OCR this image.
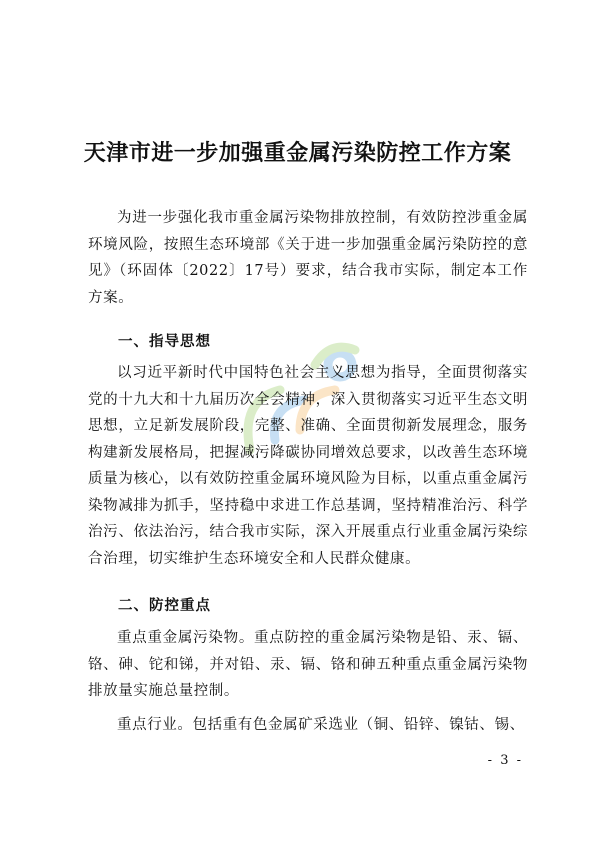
天津市进一步加强重金属污染防控工作方案
为进一步强化我市重金属污染物排放控制，有效防控涉重金属环境风险，按照生态环境部《关于进一步加强重金属污染防控的意见》（环固体〔2022〕17号）要求，结合我市实际，制定本工作方案。
一、指导思想
以习近平新时代中国特色社会主义思想为指导，全面贯彻落实党的十九大和十九届历次全会精神，深入贯彻落实习近平生态文明思想，立足新发展阶段，完整、准确、全面贯彻新发展理念，服务构建新发展格局，把握减污降碳协同增效总要求，以改善生态环境质量为核心，以有效防控重金属环境风险为目标，以重点重金属污染物减排为抓手，坚持稳中求进工作总基调，坚持精准治污、科学治污、依法治污，结合我市实际，深入开展重点行业重金属污染综合治理，切实维护生态环境安全和人民群众健康。
二、防控重点
重点重金属污染物。重点防控的重金属污染物是铅、汞、镉、铬、砷、铊和锑，并对铅、汞、镉、铬和砷五种重点重金属污染物排放量实施总量控制。
重点行业。包括重有色金属矿采选业（铜、铅锌、镍钴、锡、
- 3 -
